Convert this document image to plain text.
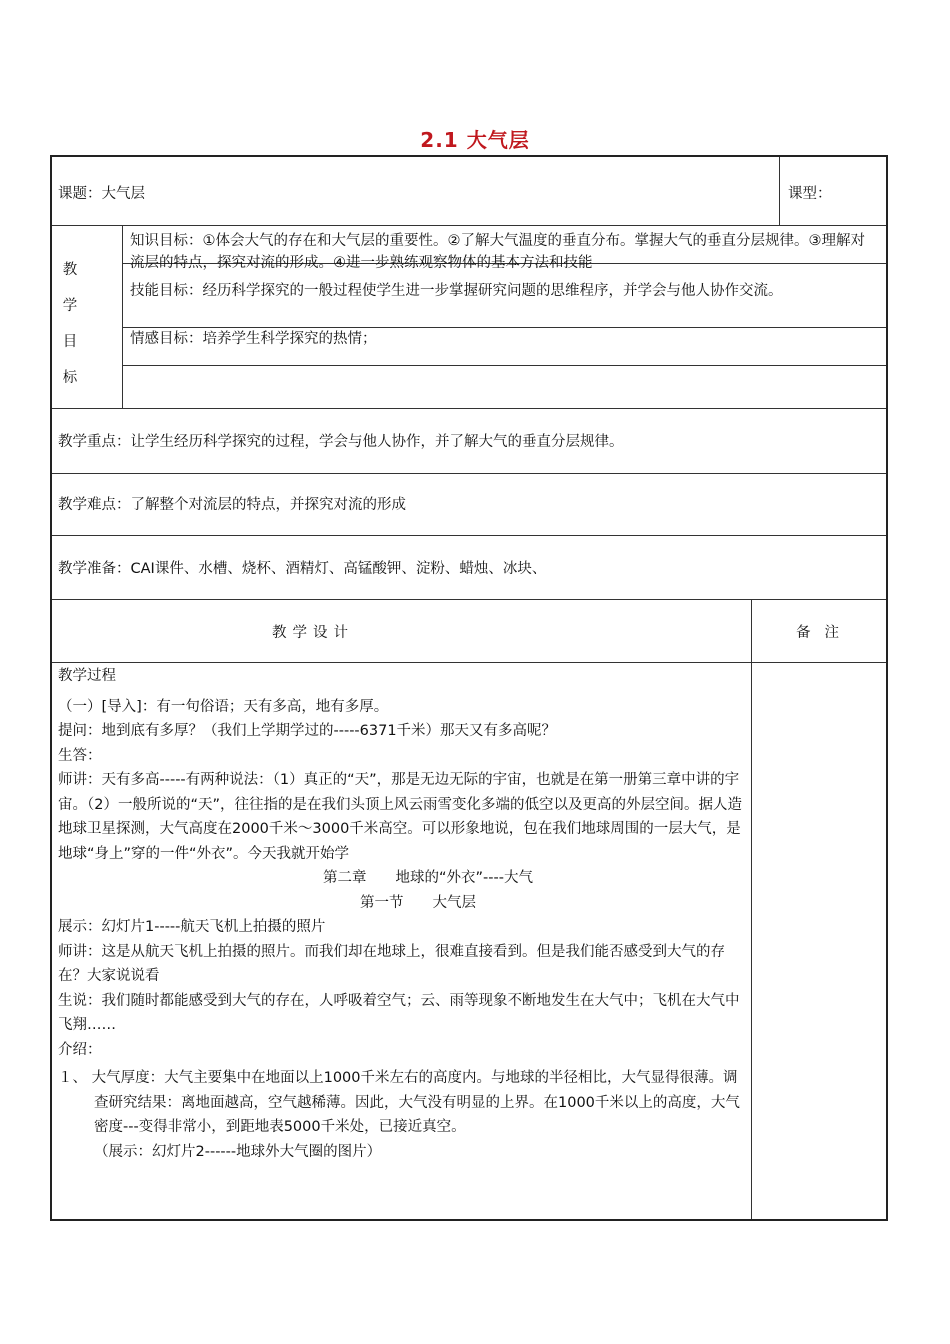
2.1 大气层
课题：大气层	课型：
教
学
目
标
知识目标：①体会大气的存在和大气层的重要性。②了解大气温度的垂直分布。掌握大气的垂直分层规律。③理解对流层的特点，探究对流的形成。④进一步熟练观察物体的基本方法和技能
技能目标：经历科学探究的一般过程使学生进一步掌握研究问题的思维程序，并学会与他人协作交流。
情感目标：培养学生科学探究的热情；
教学重点：让学生经历科学探究的过程，学会与他人协作，并了解大气的垂直分层规律。
教学难点：了解整个对流层的特点，并探究对流的形成
教学准备：CAI课件、水槽、烧杯、酒精灯、高锰酸钾、淀粉、蜡烛、冰块、
教学设计	备注

教学过程

（一）[导入]：有一句俗语；天有多高，地有多厚。

提问：地到底有多厚？（我们上学期学过的-----6371千米）那天又有多高呢？

生答：

师讲：天有多高-----有两种说法：（1）真正的“天”，那是无边无际的宇宙，也就是在第一册第三章中讲的宇宙。（2）一般所说的“天”，往往指的是在我们头顶上风云雨雪变化多端的低空以及更高的外层空间。据人造地球卫星探测，大气高度在2000千米～3000千米高空。可以形象地说，包在我们地球周围的一层大气，是地球“身上”穿的一件“外衣”。今天我就开始学

第二章　　地球的“外衣”----大气

第一节　　大气层

展示：幻灯片1-----航天飞机上拍摄的照片

师讲：这是从航天飞机上拍摄的照片。而我们却在地球上，很难直接看到。但是我们能否感受到大气的存在？大家说说看

生说：我们随时都能感受到大气的存在，人呼吸着空气；云、雨等现象不断地发生在大气中；飞机在大气中飞翔……

介绍：

１、 大气厚度：大气主要集中在地面以上1000千米左右的高度内。与地球的半径相比，大气显得很薄。调查研究结果：离地面越高，空气越稀薄。因此，大气没有明显的上界。在1000千米以上的高度，大气密度---变得非常小，到距地表5000千米处，已接近真空。

（展示：幻灯片2------地球外大气圈的图片）
